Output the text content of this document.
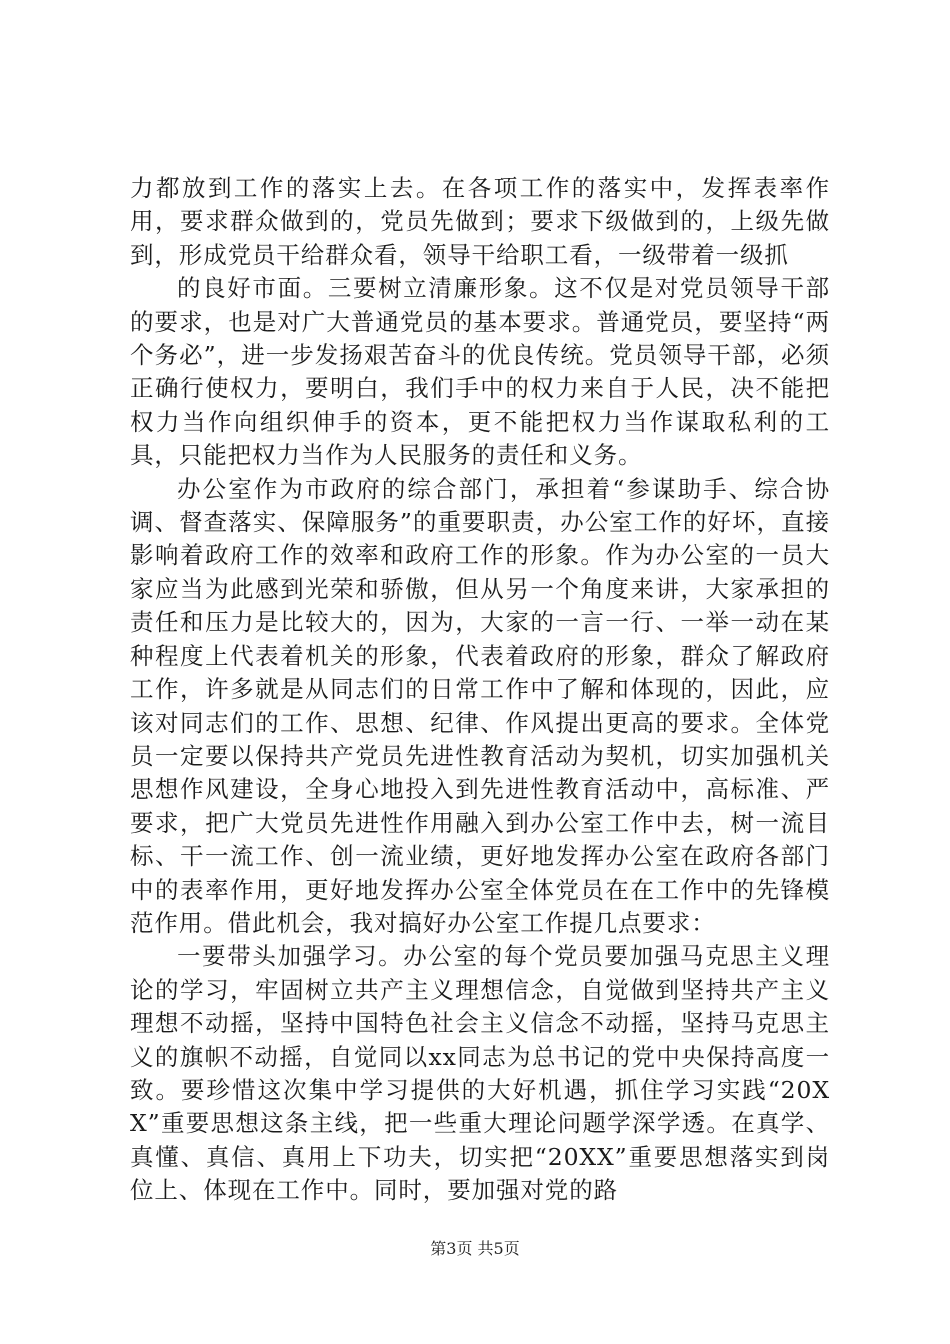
力都放到工作的落实上去。在各项工作的落实中，发挥表率作用，要求群众做到的，党员先做到；要求下级做到的，上级先做到，形成党员干给群众看，领导干给职工看，一级带着一级抓

的良好市面。三要树立清廉形象。这不仅是对党员领导干部的要求，也是对广大普通党员的基本要求。普通党员，要坚持“两个务必”，进一步发扬艰苦奋斗的优良传统。党员领导干部，必须正确行使权力，要明白，我们手中的权力来自于人民，决不能把权力当作向组织伸手的资本，更不能把权力当作谋取私利的工具，只能把权力当作为人民服务的责任和义务。

办公室作为市政府的综合部门，承担着“参谋助手、综合协调、督查落实、保障服务”的重要职责，办公室工作的好坏，直接影响着政府工作的效率和政府工作的形象。作为办公室的一员大家应当为此感到光荣和骄傲，但从另一个角度来讲，大家承担的责任和压力是比较大的，因为，大家的一言一行、一举一动在某种程度上代表着机关的形象，代表着政府的形象，群众了解政府工作，许多就是从同志们的日常工作中了解和体现的，因此，应该对同志们的工作、思想、纪律、作风提出更高的要求。全体党员一定要以保持共产党员先进性教育活动为契机，切实加强机关思想作风建设，全身心地投入到先进性教育活动中，高标准、严要求，把广大党员先进性作用融入到办公室工作中去，树一流目标、干一流工作、创一流业绩，更好地发挥办公室在政府各部门中的表率作用，更好地发挥办公室全体党员在在工作中的先锋模范作用。借此机会，我对搞好办公室工作提几点要求：

一要带头加强学习。办公室的每个党员要加强马克思主义理论的学习，牢固树立共产主义理想信念，自觉做到坚持共产主义理想不动摇，坚持中国特色社会主义信念不动摇，坚持马克思主义的旗帜不动摇，自觉同以xx同志为总书记的党中央保持高度一致。要珍惜这次集中学习提供的大好机遇，抓住学习实践“20XX”重要思想这条主线，把一些重大理论问题学深学透。在真学、真懂、真信、真用上下功夫，切实把“20XX”重要思想落实到岗位上、体现在工作中。同时，要加强对党的路

第3页 共5页
